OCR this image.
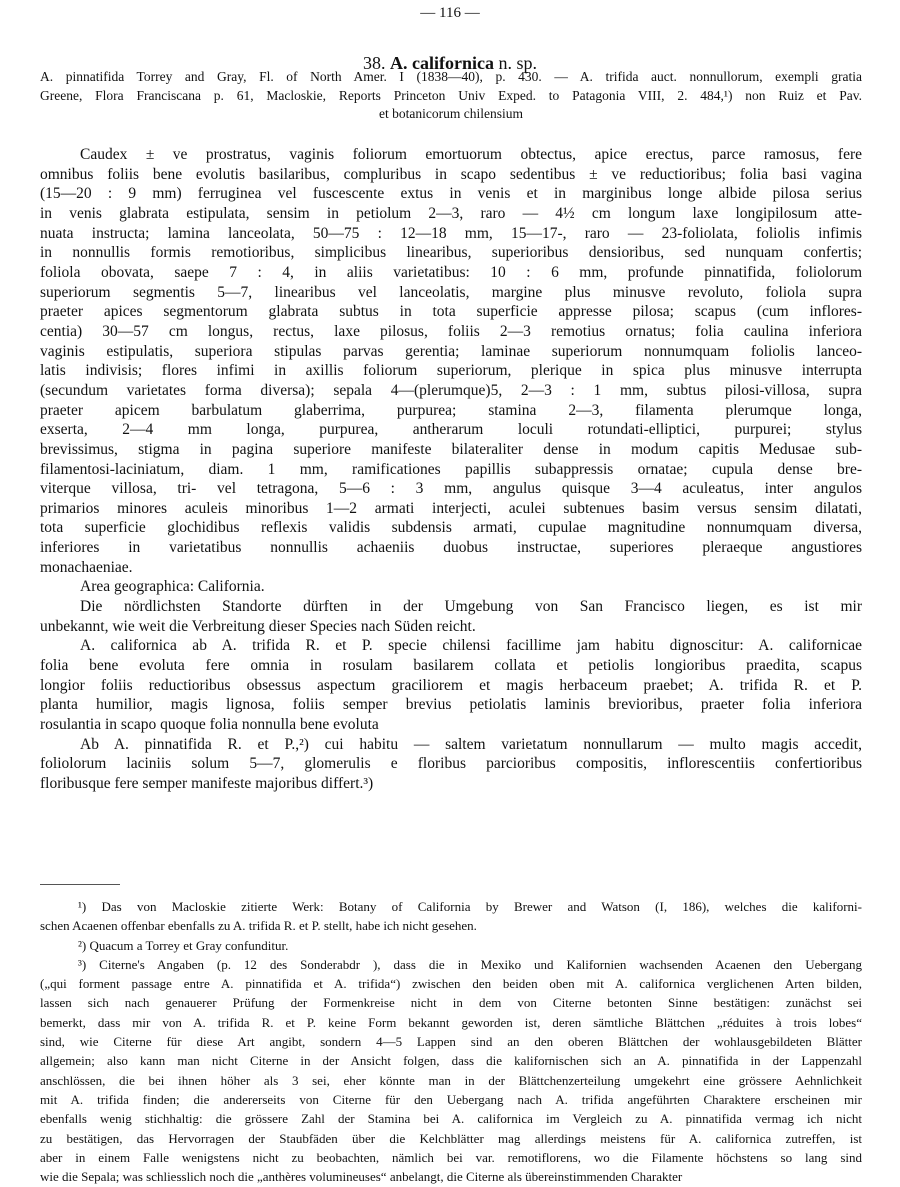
— 116 —
38. A. californica n. sp.
A. pinnatifida Torrey and Gray, Fl. of North Amer. I (1838—40), p. 430. — A. trifida auct. nonnullorum, exempli gratia
Greene, Flora Franciscana p. 61, Macloskie, Reports Princeton Univ Exped. to Patagonia VIII, 2. 484,¹) non Ruiz et Pav.
et botanicorum chilensium
Caudex ± ve prostratus, vaginis foliorum emortuorum obtectus, apice erectus, parce ramosus, fere
omnibus foliis bene evolutis basilaribus, compluribus in scapo sedentibus ± ve reductioribus; folia basi vagina
(15—20 : 9 mm) ferruginea vel fuscescente extus in venis et in marginibus longe albide pilosa serius
in venis glabrata estipulata, sensim in petiolum 2—3, raro — 4½ cm longum laxe longipilosum atte-
nuata instructa; lamina lanceolata, 50—75 : 12—18 mm, 15—17-, raro — 23-foliolata, foliolis infimis
in nonnullis formis remotioribus, simplicibus linearibus, superioribus densioribus, sed nunquam confertis;
foliola obovata, saepe 7 : 4, in aliis varietatibus: 10 : 6 mm, profunde pinnatifida, foliolorum
superiorum segmentis 5—7, linearibus vel lanceolatis, margine plus minusve revoluto, foliola supra
praeter apices segmentorum glabrata subtus in tota superficie appresse pilosa; scapus (cum inflores-
centia) 30—57 cm longus, rectus, laxe pilosus, foliis 2—3 remotius ornatus; folia caulina inferiora
vaginis estipulatis, superiora stipulas parvas gerentia; laminae superiorum nonnumquam foliolis lanceo-
latis indivisis; flores infimi in axillis foliorum superiorum, plerique in spica plus minusve interrupta
(secundum varietates forma diversa); sepala 4—(plerumque)5, 2—3 : 1 mm, subtus pilosi-villosa, supra
praeter apicem barbulatum glaberrima, purpurea; stamina 2—3, filamenta plerumque longa,
exserta, 2—4 mm longa, purpurea, antherarum loculi rotundati-elliptici, purpurei; stylus
brevissimus, stigma in pagina superiore manifeste bilateraliter dense in modum capitis Medusae sub-
filamentosi-laciniatum, diam. 1 mm, ramificationes papillis subappressis ornatae; cupula dense bre-
viterque villosa, tri- vel tetragona, 5—6 : 3 mm, angulus quisque 3—4 aculeatus, inter angulos
primarios minores aculeis minoribus 1—2 armati interjecti, aculei subtenues basim versus sensim dilatati,
tota superficie glochidibus reflexis validis subdensis armati, cupulae magnitudine nonnumquam diversa,
inferiores in varietatibus nonnullis achaeniis duobus instructae, superiores pleraeque angustiores
monachaeniae.
Area geographica: California.
Die nördlichsten Standorte dürften in der Umgebung von San Francisco liegen, es ist mir
unbekannt, wie weit die Verbreitung dieser Species nach Süden reicht.
A. californica ab A. trifida R. et P. specie chilensi facillime jam habitu dignoscitur: A. californicae
folia bene evoluta fere omnia in rosulam basilarem collata et petiolis longioribus praedita, scapus
longior foliis reductioribus obsessus aspectum graciliorem et magis herbaceum praebet; A. trifida R. et P.
planta humilior, magis lignosa, foliis semper brevius petiolatis laminis brevioribus, praeter folia inferiora
rosulantia in scapo quoque folia nonnulla bene evoluta
Ab A. pinnatifida R. et P.,²) cui habitu — saltem varietatum nonnullarum — multo magis accedit,
foliolorum laciniis solum 5—7, glomerulis e floribus parcioribus compositis, inflorescentiis confertioribus
floribusque fere semper manifeste majoribus differt.³)
¹) Das von Macloskie zitierte Werk: Botany of California by Brewer and Watson (I, 186), welches die kaliforni-
schen Acaenen offenbar ebenfalls zu A. trifida R. et P. stellt, habe ich nicht gesehen.
²) Quacum a Torrey et Gray confunditur.
³) Citerne's Angaben (p. 12 des Sonderabdr ), dass die in Mexiko und Kalifornien wachsenden Acaenen den Uebergang
(„qui forment passage entre A. pinnatifida et A. trifida“) zwischen den beiden oben mit A. californica verglichenen Arten bilden,
lassen sich nach genauerer Prüfung der Formenkreise nicht in dem von Citerne betonten Sinne bestätigen: zunächst sei
bemerkt, dass mir von A. trifida R. et P. keine Form bekannt geworden ist, deren sämtliche Blättchen „réduites à trois lobes“
sind, wie Citerne für diese Art angibt, sondern 4—5 Lappen sind an den oberen Blättchen der wohlausgebildeten Blätter
allgemein; also kann man nicht Citerne in der Ansicht folgen, dass die kalifornischen sich an A. pinnatifida in der Lappenzahl
anschlössen, die bei ihnen höher als 3 sei, eher könnte man in der Blättchenzerteilung umgekehrt eine grössere Aehnlichkeit
mit A. trifida finden; die andererseits von Citerne für den Uebergang nach A. trifida angeführten Charaktere erscheinen mir
ebenfalls wenig stichhaltig: die grössere Zahl der Stamina bei A. californica im Vergleich zu A. pinnatifida vermag ich nicht
zu bestätigen, das Hervorragen der Staubfäden über die Kelchblätter mag allerdings meistens für A. californica zutreffen, ist
aber in einem Falle wenigstens nicht zu beobachten, nämlich bei var. remotiflorens, wo die Filamente höchstens so lang sind
wie die Sepala; was schliesslich noch die „anthères volumineuses“ anbelangt, die Citerne als übereinstimmenden Charakter
